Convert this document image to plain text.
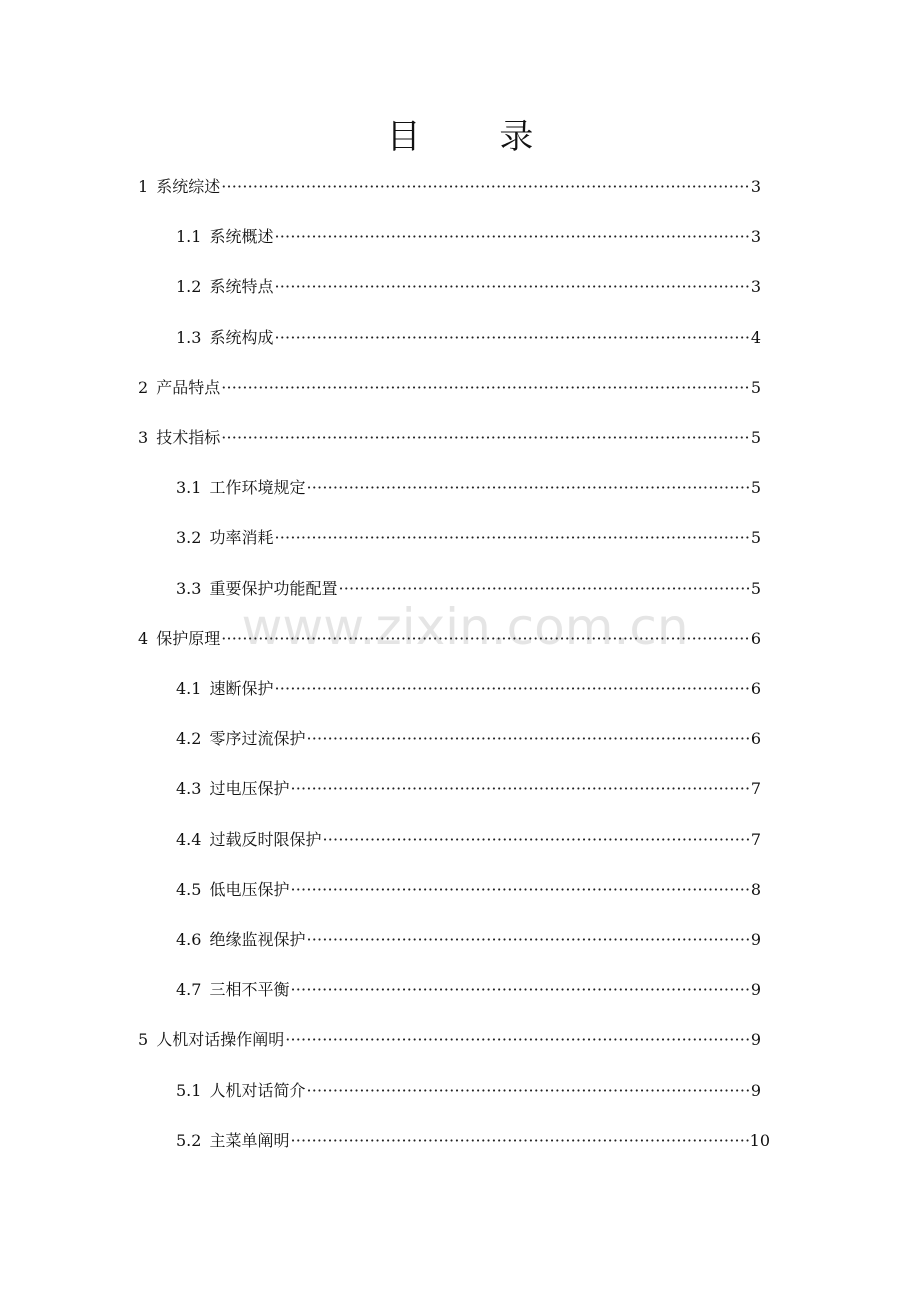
目 录
www.zixin.com.cn
1 系统综述 ·····	3
1.1 系统概述 ·····	3
1.2 系统特点 ·····	3
1.3 系统构成 ·····	4
2 产品特点 ·····	5
3 技术指标 ·····	5
3.1 工作环境规定 ·····	5
3.2 功率消耗 ·····	5
3.3 重要保护功能配置 ·····	5
4 保护原理 ·····	6
4.1 速断保护 ·····	6
4.2 零序过流保护 ·····	6
4.3 过电压保护 ·····	7
4.4 过载反时限保护 ·····	7
4.5 低电压保护 ·····	8
4.6 绝缘监视保护 ·····	9
4.7 三相不平衡 ·····	9
5 人机对话操作阐明 ·····	9
5.1 人机对话简介 ·····	9
5.2 主菜单阐明 ·····	10
